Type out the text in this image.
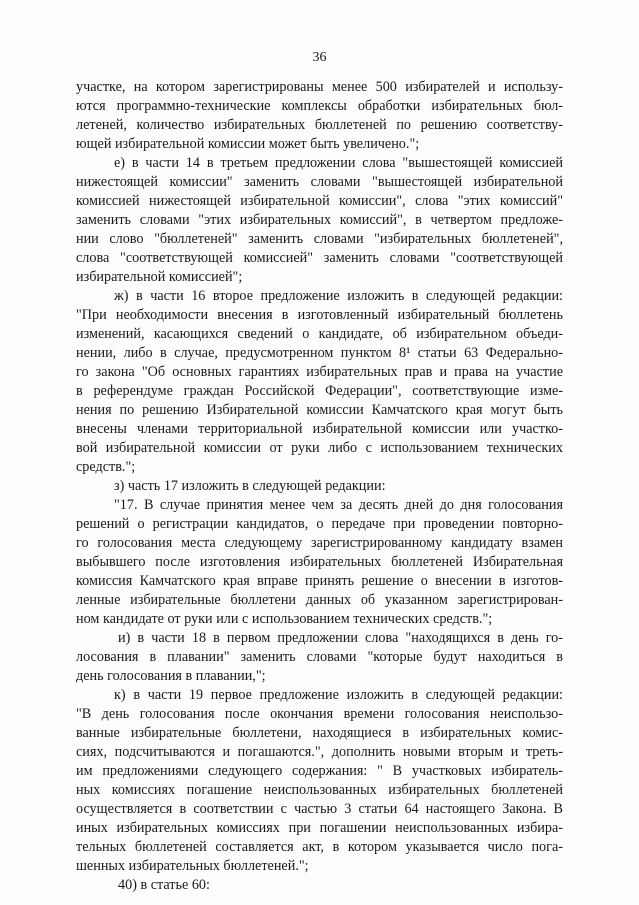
36
участке, на котором зарегистрированы менее 500 избирателей и использу-
ются программно-технические комплексы обработки избирательных бюл-
летеней, количество избирательных бюллетеней по решению соответству-
ющей избирательной комиссии может быть увеличено.";
е) в части 14 в третьем предложении слова "вышестоящей комиссией
нижестоящей комиссии" заменить словами "вышестоящей избирательной
комиссией нижестоящей избирательной комиссии", слова "этих комиссий"
заменить словами "этих избирательных комиссий", в четвертом предложе-
нии слово "бюллетеней" заменить словами "избирательных бюллетеней",
слова "соответствующей комиссией" заменить словами "соответствующей
избирательной комиссией";
ж) в части 16 второе предложение изложить в следующей редакции:
"При необходимости внесения в изготовленный избирательный бюллетень
изменений, касающихся сведений о кандидате, об избирательном объеди-
нении, либо в случае, предусмотренном пунктом 8¹ статьи 63 Федерально-
го закона "Об основных гарантиях избирательных прав и права на участие
в референдуме граждан Российской Федерации", соответствующие изме-
нения по решению Избирательной комиссии Камчатского края могут быть
внесены членами территориальной избирательной комиссии или участко-
вой избирательной комиссии от руки либо с использованием технических
средств.";
з) часть 17 изложить в следующей редакции:
"17. В случае принятия менее чем за десять дней до дня голосования
решений о регистрации кандидатов, о передаче при проведении повторно-
го голосования места следующему зарегистрированному кандидату взамен
выбывшего после изготовления избирательных бюллетеней Избирательная
комиссия Камчатского края вправе принять решение о внесении в изготов-
ленные избирательные бюллетени данных об указанном зарегистрирован-
ном кандидате от руки или с использованием технических средств.";
и) в части 18 в первом предложении слова "находящихся в день го-
лосования в плавании" заменить словами "которые будут находиться в
день голосования в плавании,";
к) в части 19 первое предложение изложить в следующей редакции:
"В день голосования после окончания времени голосования неиспользо-
ванные избирательные бюллетени, находящиеся в избирательных комис-
сиях, подсчитываются и погашаются.", дополнить новыми вторым и треть-
им предложениями следующего содержания: " В участковых избиратель-
ных комиссиях погашение неиспользованных избирательных бюллетеней
осуществляется в соответствии с частью 3 статьи 64 настоящего Закона. В
иных избирательных комиссиях при погашении неиспользованных избира-
тельных бюллетеней составляется акт, в котором указывается число пога-
шенных избирательных бюллетеней.";
40) в статье 60:
